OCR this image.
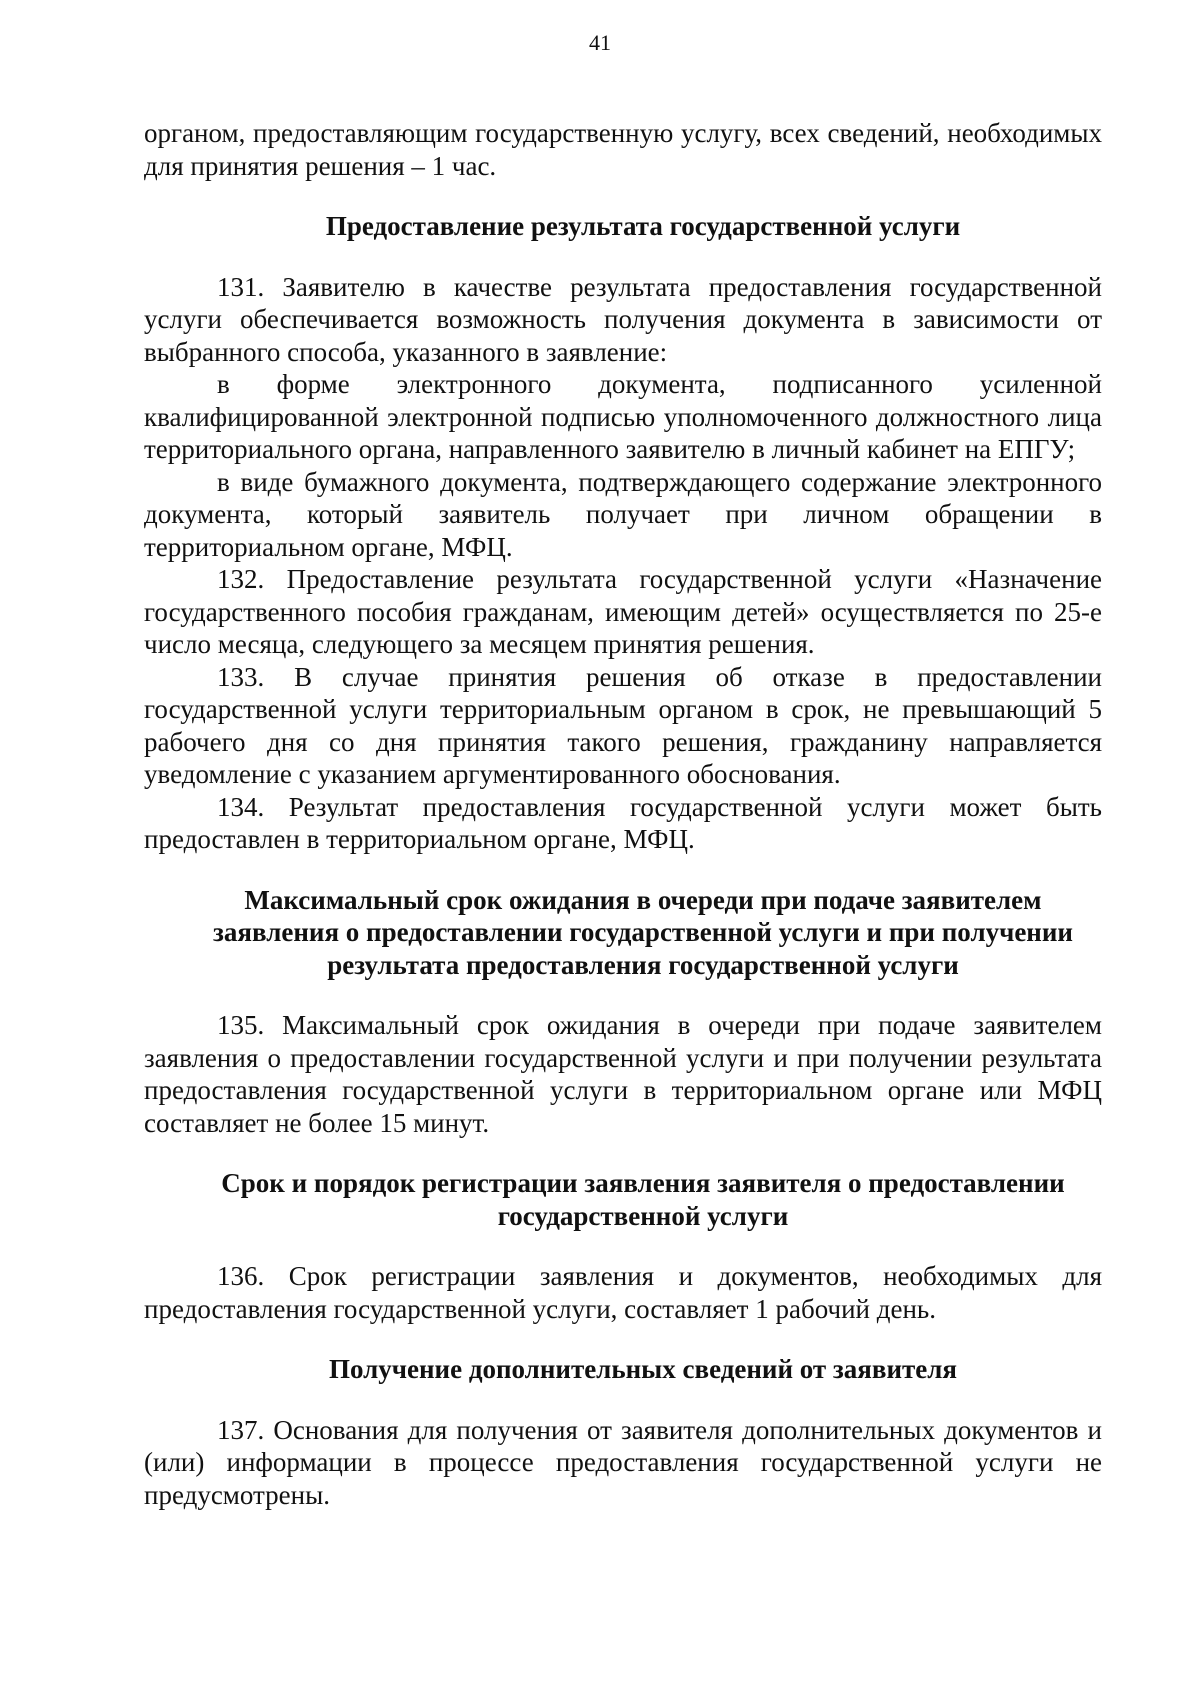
41

органом, предоставляющим государственную услугу, всех сведений, необходимых для принятия решения – 1 час.

Предоставление результата государственной услуги

131. Заявителю в качестве результата предоставления государственной услуги обеспечивается возможность получения документа в зависимости от выбранного способа, указанного в заявление:

в форме электронного документа, подписанного усиленной квалифицированной электронной подписью уполномоченного должностного лица территориального органа, направленного заявителю в личный кабинет на ЕПГУ;

в виде бумажного документа, подтверждающего содержание электронного документа, который заявитель получает при личном обращении в территориальном органе, МФЦ.

132. Предоставление результата государственной услуги «Назначение государственного пособия гражданам, имеющим детей» осуществляется по 25-е число месяца, следующего за месяцем принятия решения.

133. В случае принятия решения об отказе в предоставлении государственной услуги территориальным органом в срок, не превышающий 5 рабочего дня со дня принятия такого решения, гражданину направляется уведомление с указанием аргументированного обоснования.

134. Результат предоставления государственной услуги может быть предоставлен в территориальном органе, МФЦ.

Максимальный срок ожидания в очереди при подаче заявителем заявления о предоставлении государственной услуги и при получении результата предоставления государственной услуги

135. Максимальный срок ожидания в очереди при подаче заявителем заявления о предоставлении государственной услуги и при получении результата предоставления государственной услуги в территориальном органе или МФЦ составляет не более 15 минут.

Срок и порядок регистрации заявления заявителя о предоставлении государственной услуги

136. Срок регистрации заявления и документов, необходимых для предоставления государственной услуги, составляет 1 рабочий день.

Получение дополнительных сведений от заявителя

137. Основания для получения от заявителя дополнительных документов и (или) информации в процессе предоставления государственной услуги не предусмотрены.
